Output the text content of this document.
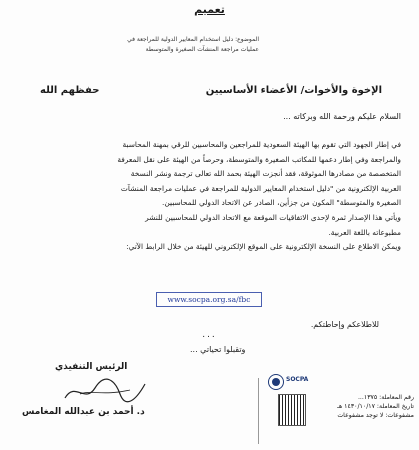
تعميم
الموضوع: دليل استخدام المعايير الدولية للمراجعة في
عمليات مراجعة المنشآت الصغيرة والمتوسطة
حفظهم الله	الإخوة والأخوات/ الأعضاء الأساسيين
السلام عليكم ورحمة الله وبركاته ...
في إطار الجهود التي تقوم بها الهيئة السعودية للمراجعين والمحاسبين للرقي بمهنة المحاسبة
والمراجعة وفي إطار دعمها للمكاتب الصغيرة والمتوسطة، وحرصاً من الهيئة على نقل المعرفة
المتخصصة من مصادرها الموثوقة، فقد أنجزت الهيئة بحمد الله تعالى ترجمة ونشر النسخة
العربية الإلكترونية من "دليل استخدام المعايير الدولية للمراجعة في عمليات مراجعة المنشآت
الصغيرة والمتوسطة" المكون من جزأين، الصادر عن الاتحاد الدولي للمحاسبين.
ويأتي هذا الإصدار ثمرة لإحدى الاتفاقيات الموقعة مع الاتحاد الدولي للمحاسبين للنشر
مطبوعاته باللغة العربية.
ويمكن الاطلاع على النسخة الإلكترونية على الموقع الإلكتروني للهيئة من خلال الرابط الآتي:
www.socpa.org.sa/fbc
للاطلاعكم وإحاطتكم.
...
وتقبلوا تحياتي ...
الرئيس التنفيذي
د. أحمد بن عبدالله المغامس
SOCPA
رقم المعاملة: ١٣٧٥...
تاريخ المعاملة: ١٤٣٠/١٠/١٧ هـ
مشفوعات: لا توجد مشفوعات
